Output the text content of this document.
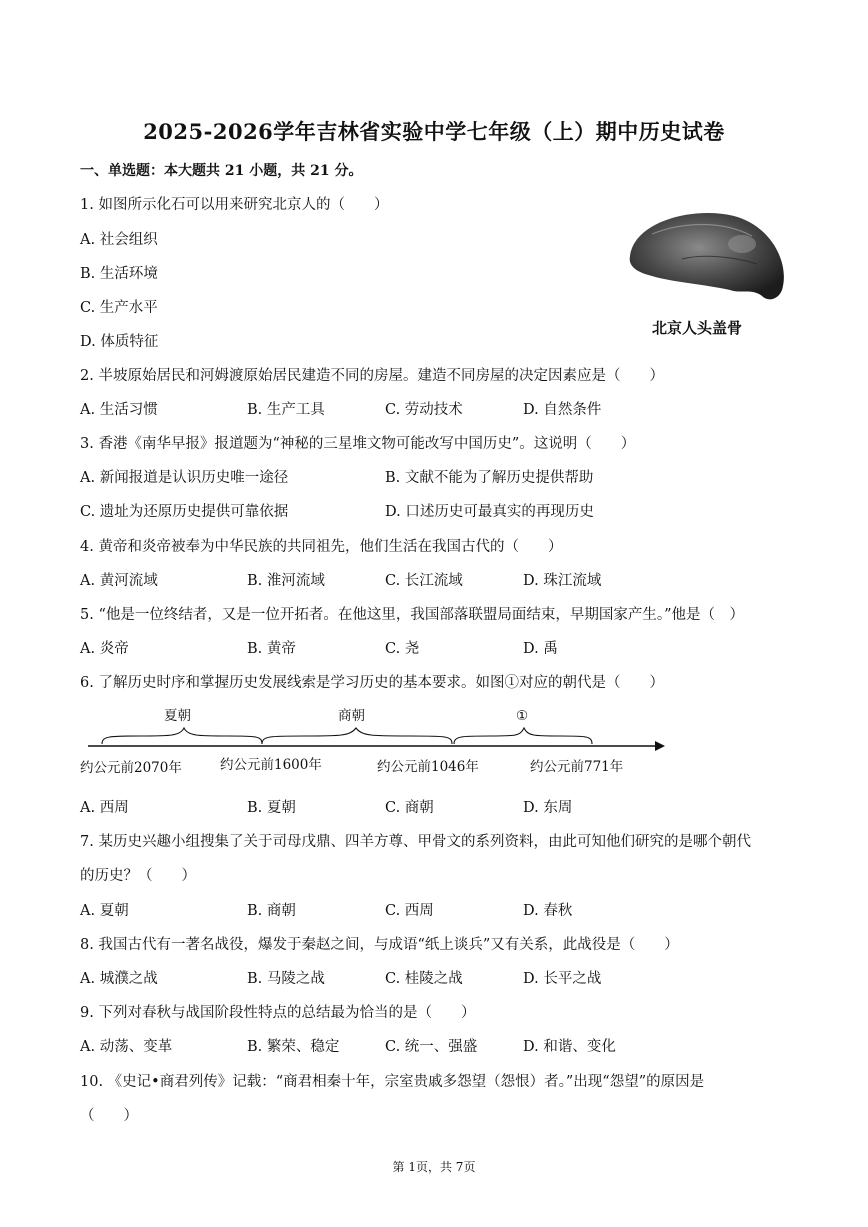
2025-2026学年吉林省实验中学七年级（上）期中历史试卷
一、单选题：本大题共 21 小题，共 21 分。
1. 如图所示化石可以用来研究北京人的（　　）
A. 社会组织
B. 生活环境
C. 生产水平
D. 体质特征
北京人头盖骨
2. 半坡原始居民和河姆渡原始居民建造不同的房屋。建造不同房屋的决定因素应是（　　）
A. 生活习惯	B. 生产工具	C. 劳动技术	D. 自然条件
3. 香港《南华早报》报道题为“神秘的三星堆文物可能改写中国历史”。这说明（　　）
A. 新闻报道是认识历史唯一途径	B. 文献不能为了解历史提供帮助
C. 遗址为还原历史提供可靠依据	D. 口述历史可最真实的再现历史
4. 黄帝和炎帝被奉为中华民族的共同祖先，他们生活在我国古代的（　　）
A. 黄河流域	B. 淮河流域	C. 长江流域	D. 珠江流域
5. “他是一位终结者，又是一位开拓者。在他这里，我国部落联盟局面结束，早期国家产生。”他是（　）
A. 炎帝	B. 黄帝	C. 尧	D. 禹
6. 了解历史时序和掌握历史发展线索是学习历史的基本要求。如图①对应的朝代是（　　）
夏朝	商朝	①
约公元前2070年	约公元前1600年	约公元前1046年	约公元前771年
A. 西周	B. 夏朝	C. 商朝	D. 东周
7. 某历史兴趣小组搜集了关于司母戊鼎、四羊方尊、甲骨文的系列资料，由此可知他们研究的是哪个朝代
的历史？（　　）
A. 夏朝	B. 商朝	C. 西周	D. 春秋
8. 我国古代有一著名战役，爆发于秦赵之间，与成语“纸上谈兵”又有关系，此战役是（　　）
A. 城濮之战	B. 马陵之战	C. 桂陵之战	D. 长平之战
9. 下列对春秋与战国阶段性特点的总结最为恰当的是（　　）
A. 动荡、变革	B. 繁荣、稳定	C. 统一、强盛	D. 和谐、变化
10. 《史记•商君列传》记载：“商君相秦十年，宗室贵戚多怨望（怨恨）者。”出现“怨望”的原因是
（　　）
第 1页，共 7页
